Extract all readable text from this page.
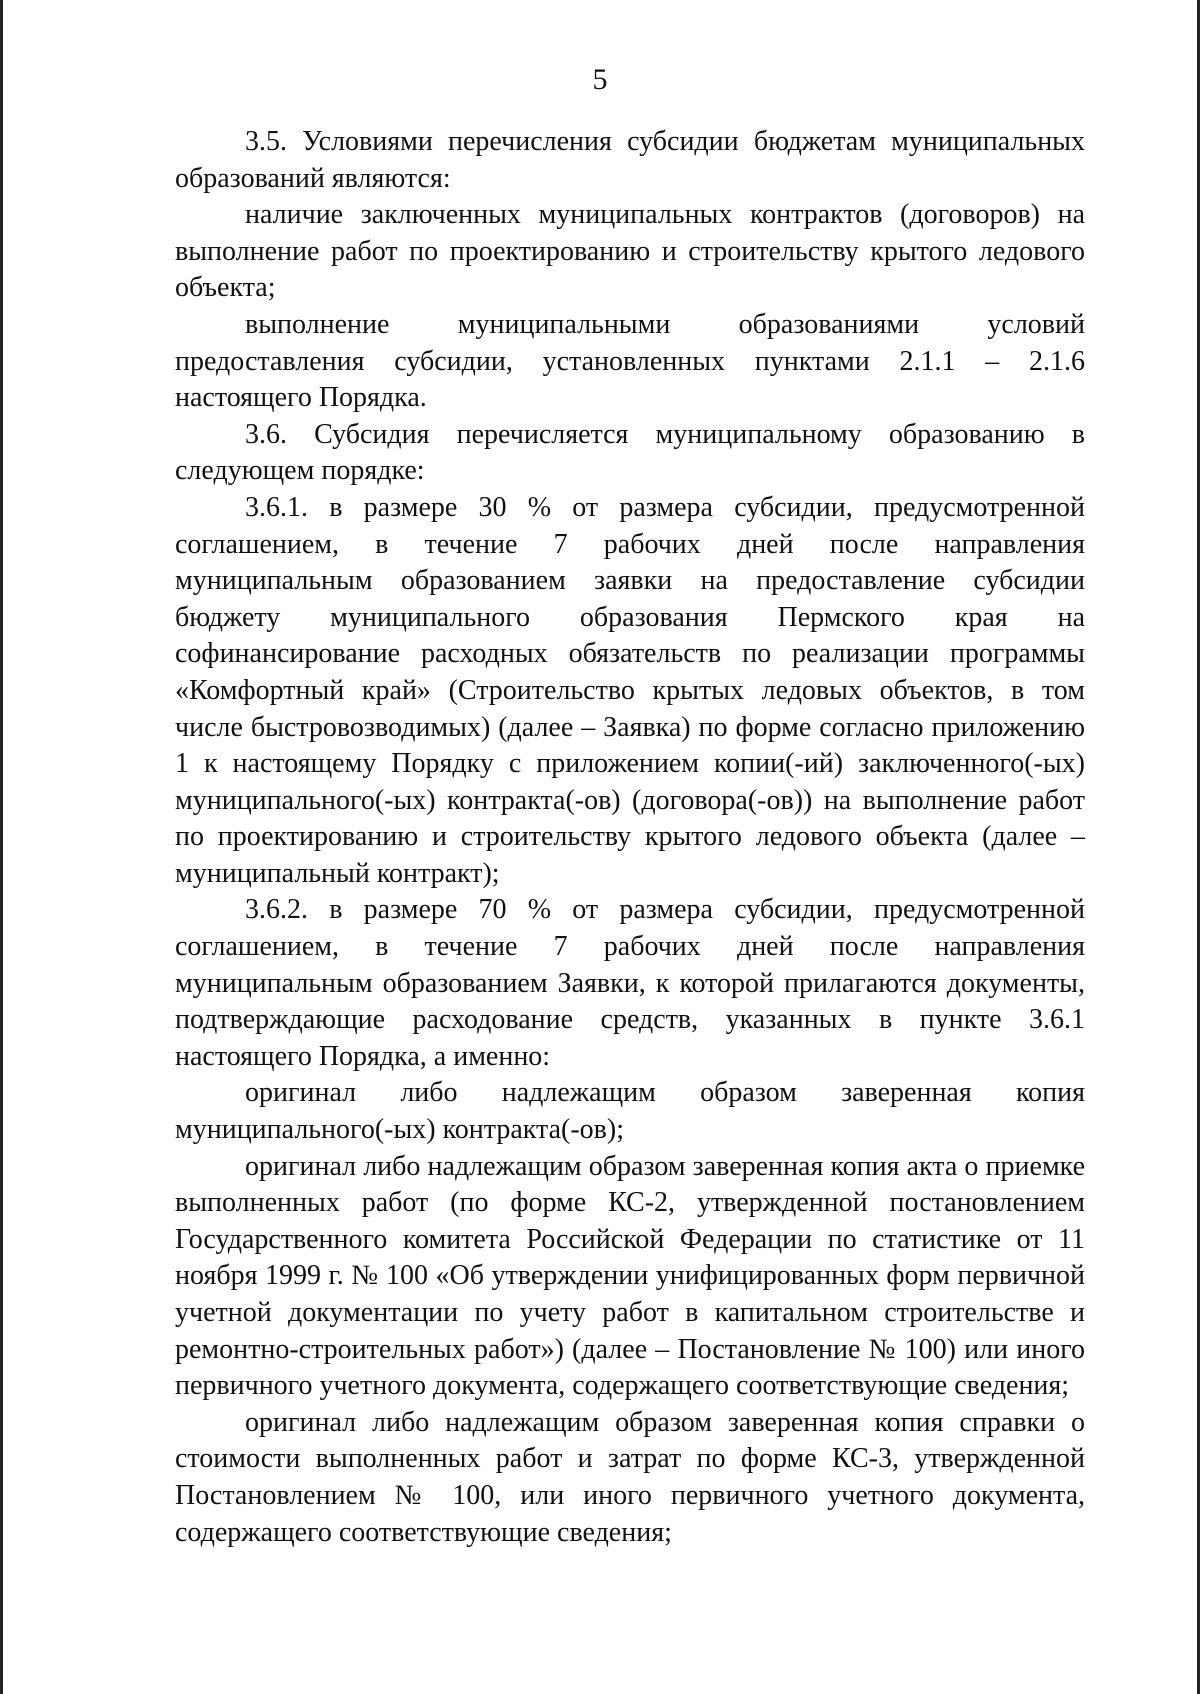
5

3.5. Условиями перечисления субсидии бюджетам муниципальных образований являются:

наличие заключенных муниципальных контрактов (договоров) на выполнение работ по проектированию и строительству крытого ледового объекта;

выполнение муниципальными образованиями условий предоставления субсидии, установленных пунктами 2.1.1 – 2.1.6 настоящего Порядка.

3.6. Субсидия перечисляется муниципальному образованию в следующем порядке:

3.6.1. в размере 30 % от размера субсидии, предусмотренной соглашением, в течение 7 рабочих дней после направления муниципальным образованием заявки на предоставление субсидии бюджету муниципального образования Пермского края на софинансирование расходных обязательств по реализации программы «Комфортный край» (Строительство крытых ледовых объектов, в том числе быстровозводимых) (далее – Заявка) по форме согласно приложению 1 к настоящему Порядку с приложением копии(-ий) заключенного(-ых) муниципального(-ых) контракта(-ов) (договора(-ов)) на выполнение работ по проектированию и строительству крытого ледового объекта (далее – муниципальный контракт);

3.6.2. в размере 70 % от размера субсидии, предусмотренной соглашением, в течение 7 рабочих дней после направления муниципальным образованием Заявки, к которой прилагаются документы, подтверждающие расходование средств, указанных в пункте 3.6.1 настоящего Порядка, а именно:

оригинал либо надлежащим образом заверенная копия муниципального(-ых) контракта(-ов);

оригинал либо надлежащим образом заверенная копия акта о приемке выполненных работ (по форме КС-2, утвержденной постановлением Государственного комитета Российской Федерации по статистике от 11 ноября 1999 г. № 100 «Об утверждении унифицированных форм первичной учетной документации по учету работ в капитальном строительстве и ремонтно-строительных работ») (далее – Постановление № 100) или иного первичного учетного документа, содержащего соответствующие сведения;

оригинал либо надлежащим образом заверенная копия справки о стоимости выполненных работ и затрат по форме КС-3, утвержденной Постановлением № 100, или иного первичного учетного документа, содержащего соответствующие сведения;
